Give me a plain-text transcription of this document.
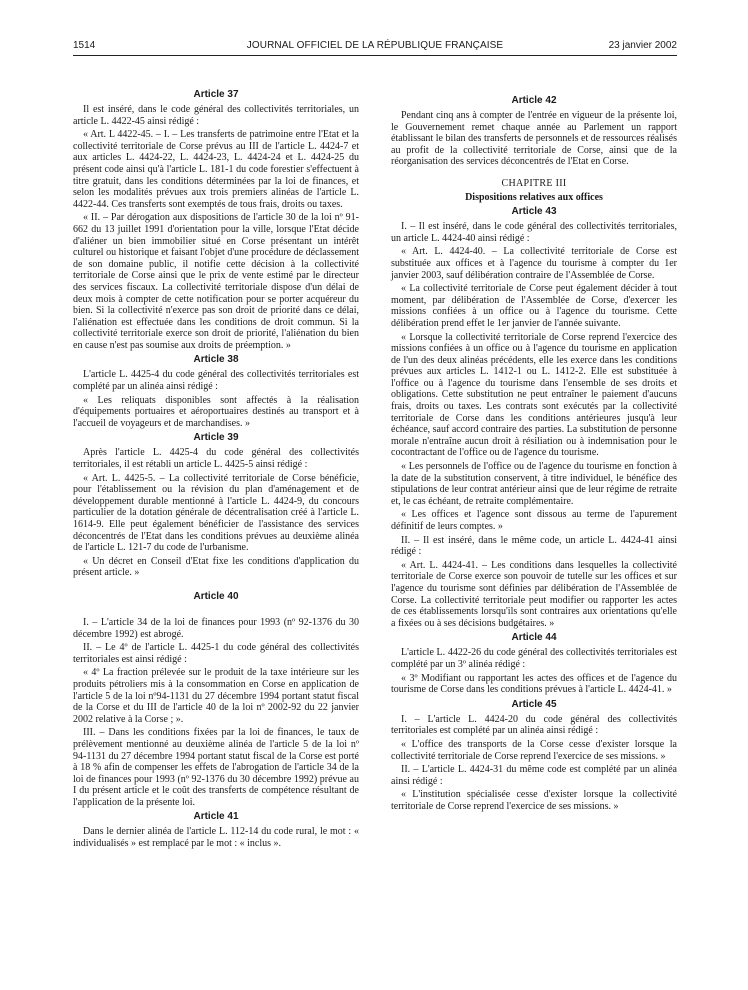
1514	JOURNAL OFFICIEL DE LA RÉPUBLIQUE FRANÇAISE	23 janvier 2002
Article 37

Il est inséré, dans le code général des collectivités territoriales, un article L. 4422-45 ainsi rédigé :

« Art. L 4422-45. – I. – Les transferts de patrimoine entre l'Etat et la collectivité territoriale de Corse prévus au III de l'article L. 4424-7 et aux articles L. 4424-22, L. 4424-23, L. 4424-24 et L. 4424-25 du présent code ainsi qu'à l'article L. 181-1 du code forestier s'effectuent à titre gratuit, dans les conditions déterminées par la loi de finances, et selon les modalités prévues aux trois premiers alinéas de l'article L. 4422-44. Ces transferts sont exemptés de tous frais, droits ou taxes.

« II. – Par dérogation aux dispositions de l'article 30 de la loi nº 91-662 du 13 juillet 1991 d'orientation pour la ville, lorsque l'Etat décide d'aliéner un bien immobilier situé en Corse présentant un intérêt culturel ou historique et faisant l'objet d'une procédure de déclassement de son domaine public, il notifie cette décision à la collectivité territoriale de Corse ainsi que le prix de vente estimé par le directeur des services fiscaux. La collectivité territoriale dispose d'un délai de deux mois à compter de cette notification pour se porter acquéreur du bien. Si la collectivité n'exerce pas son droit de priorité dans ce délai, l'aliénation est effectuée dans les conditions de droit commun. Si la collectivité territoriale exerce son droit de priorité, l'aliénation du bien en cause n'est pas soumise aux droits de préemption. »

Article 38

L'article L. 4425-4 du code général des collectivités territoriales est complété par un alinéa ainsi rédigé :

« Les reliquats disponibles sont affectés à la réalisation d'équipements portuaires et aéroportuaires destinés au transport et à l'accueil de voyageurs et de marchandises. »

Article 39

Après l'article L. 4425-4 du code général des collectivités territoriales, il est rétabli un article L. 4425-5 ainsi rédigé :

« Art. L. 4425-5. – La collectivité territoriale de Corse bénéficie, pour l'établissement ou la révision du plan d'aménagement et de développement durable mentionné à l'article L. 4424-9, du concours particulier de la dotation générale de décentralisation créé à l'article L. 1614-9. Elle peut également bénéficier de l'assistance des services déconcentrés de l'Etat dans les conditions prévues au deuxième alinéa de l'article L. 121-7 du code de l'urbanisme.

« Un décret en Conseil d'Etat fixe les conditions d'application du présent article. »

Article 40

I. – L'article 34 de la loi de finances pour 1993 (nº 92-1376 du 30 décembre 1992) est abrogé.

II. – Le 4º de l'article L. 4425-1 du code général des collectivités territoriales est ainsi rédigé :

« 4º La fraction prélevée sur le produit de la taxe intérieure sur les produits pétroliers mis à la consommation en Corse en application de l'article 5 de la loi nº94-1131 du 27 décembre 1994 portant statut fiscal de la Corse et du III de l'article 40 de la loi nº 2002-92 du 22 janvier 2002 relative à la Corse ; ».

III. – Dans les conditions fixées par la loi de finances, le taux de prélèvement mentionné au deuxième alinéa de l'article 5 de la loi nº 94-1131 du 27 décembre 1994 portant statut fiscal de la Corse est porté à 18 % afin de compenser les effets de l'abrogation de l'article 34 de la loi de finances pour 1993 (nº 92-1376 du 30 décembre 1992) prévue au I du présent article et le coût des transferts de compétence résultant de l'application de la présente loi.

Article 41

Dans le dernier alinéa de l'article L. 112-14 du code rural, le mot : « individualisés » est remplacé par le mot : « inclus ».

Article 42

Pendant cinq ans à compter de l'entrée en vigueur de la présente loi, le Gouvernement remet chaque année au Parlement un rapport établissant le bilan des transferts de personnels et de ressources réalisés au profit de la collectivité territoriale de Corse, ainsi que de la réorganisation des services déconcentrés de l'Etat en Corse.

CHAPITRE III
Dispositions relatives aux offices
Article 43

I. – Il est inséré, dans le code général des collectivités territoriales, un article L. 4424-40 ainsi rédigé :

« Art. L. 4424-40. – La collectivité territoriale de Corse est substituée aux offices et à l'agence du tourisme à compter du 1er janvier 2003, sauf délibération contraire de l'Assemblée de Corse.

« La collectivité territoriale de Corse peut également décider à tout moment, par délibération de l'Assemblée de Corse, d'exercer les missions confiées à un office ou à l'agence du tourisme. Cette délibération prend effet le 1er janvier de l'année suivante.

« Lorsque la collectivité territoriale de Corse reprend l'exercice des missions confiées à un office ou à l'agence du tourisme en application de l'un des deux alinéas précédents, elle les exerce dans les conditions prévues aux articles L. 1412-1 ou L. 1412-2. Elle est substituée à l'office ou à l'agence du tourisme dans l'ensemble de ses droits et obligations. Cette substitution ne peut entraîner le paiement d'aucuns frais, droits ou taxes. Les contrats sont exécutés par la collectivité territoriale de Corse dans les conditions antérieures jusqu'à leur échéance, sauf accord contraire des parties. La substitution de personne morale n'entraîne aucun droit à résiliation ou à indemnisation pour le cocontractant de l'office ou de l'agence du tourisme.

« Les personnels de l'office ou de l'agence du tourisme en fonction à la date de la substitution conservent, à titre individuel, le bénéfice des stipulations de leur contrat antérieur ainsi que de leur régime de retraite et, le cas échéant, de retraite complémentaire.

« Les offices et l'agence sont dissous au terme de l'apurement définitif de leurs comptes. »

II. – Il est inséré, dans le même code, un article L. 4424-41 ainsi rédigé :

« Art. L. 4424-41. – Les conditions dans lesquelles la collectivité territoriale de Corse exerce son pouvoir de tutelle sur les offices et sur l'agence du tourisme sont définies par délibération de l'Assemblée de Corse. La collectivité territoriale peut modifier ou rapporter les actes de ces établissements lorsqu'ils sont contraires aux orientations qu'elle a fixées ou à ses décisions budgétaires. »

Article 44

L'article L. 4422-26 du code général des collectivités territoriales est complété par un 3º alinéa rédigé :

« 3º Modifiant ou rapportant les actes des offices et de l'agence du tourisme de Corse dans les conditions prévues à l'article L. 4424-41. »

Article 45

I. – L'article L. 4424-20 du code général des collectivités territoriales est complété par un alinéa ainsi rédigé :

« L'office des transports de la Corse cesse d'exister lorsque la collectivité territoriale de Corse reprend l'exercice de ses missions. »

II. – L'article L. 4424-31 du même code est complété par un alinéa ainsi rédigé :

« L'institution spécialisée cesse d'exister lorsque la collectivité territoriale de Corse reprend l'exercice de ses missions. »
